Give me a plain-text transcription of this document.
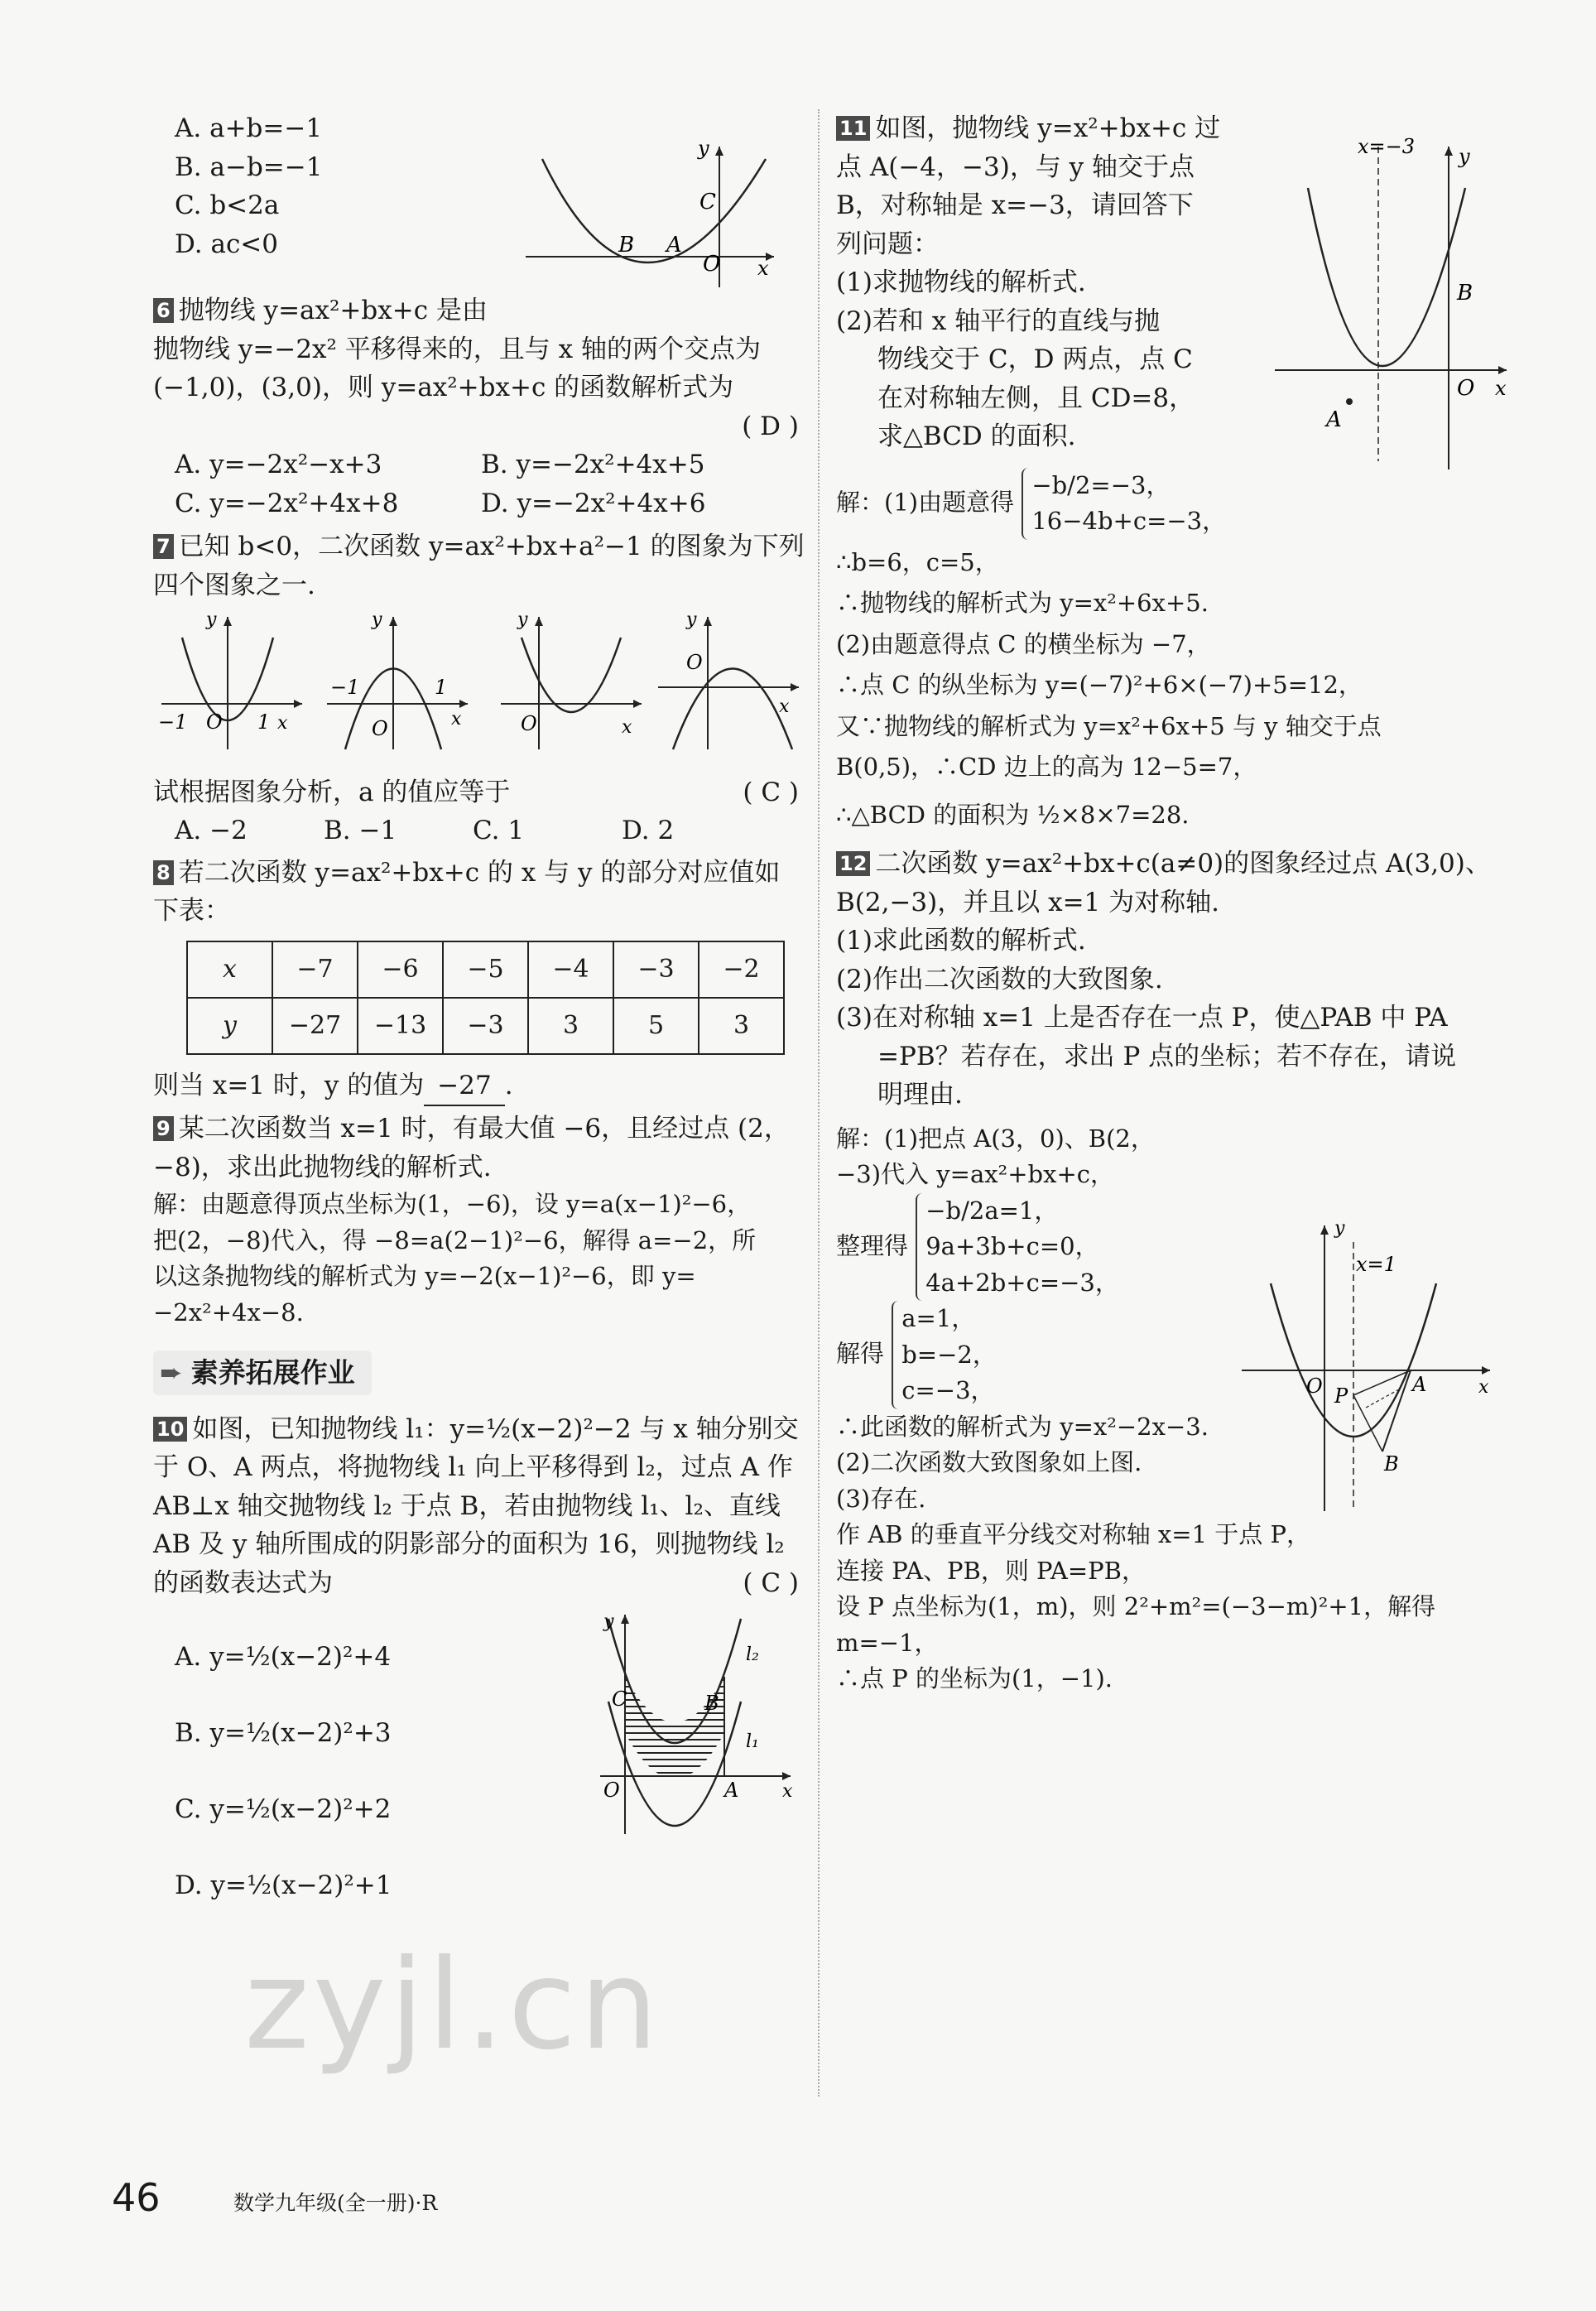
A. a+b=−1

B. a−b=−1

C. b<2a

D. ac<0

O x
y
B A
C

6 抛物线 y=ax²+bx+c 是由

抛物线 y=−2x² 平移得来的，且与 x 轴的两个交点为

(−1,0)，(3,0)，则 y=ax²+bx+c 的函数解析式为

( D )

A. y=−2x²−x+3	B. y=−2x²+4x+5

C. y=−2x²+4x+8	D. y=−2x²+4x+6

7 已知 b<0，二次函数 y=ax²+bx+a²−1 的图象为下列

四个图象之一.

−1 O 1 x
y
−1
O
1
x
y
O	x
y
O
x
y

试根据图象分析，a 的值应等于	( C )

A. −2	B. −1	C. 1	D. 2

8 若二次函数 y=ax²+bx+c 的 x 与 y 的部分对应值如

下表：

x	−7	−6	−5	−4	−3	−2
y	−27	−13	−3	3	5	3

则当 x=1 时，y 的值为 −27 .

9 某二次函数当 x=1 时，有最大值 −6，且经过点 (2，

−8)，求出此抛物线的解析式.

解：由题意得顶点坐标为(1，−6)，设 y=a(x−1)²−6，

把(2，−8)代入，得 −8=a(2−1)²−6，解得 a=−2，所

以这条抛物线的解析式为 y=−2(x−1)²−6，即 y=

−2x²+4x−8.

➨ 素养拓展作业

10 如图，已知抛物线 l₁：y=½(x−2)²−2 与 x 轴分别交

于 O、A 两点，将抛物线 l₁ 向上平移得到 l₂，过点 A 作

AB⊥x 轴交抛物线 l₂ 于点 B，若由抛物线 l₁、l₂、直线

AB 及 y 轴所围成的阴影部分的面积为 16，则抛物线 l₂

的函数表达式为	( C )

A. y=½(x−2)²+4

B. y=½(x−2)²+3

C. y=½(x−2)²+2

D. y=½(x−2)²+1

O	A
C	B
l₂
l₁
x
y

11 如图，抛物线 y=x²+bx+c 过

点 A(−4，−3)，与 y 轴交于点

B，对称轴是 x=−3，请回答下

列问题：

(1)求抛物线的解析式.

(2)若和 x 轴平行的直线与抛

物线交于 C，D 两点，点 C

在对称轴左侧，且 CD=8，

求△BCD 的面积.

x=−3 y
B
O x
A

解：(1)由题意得
−b/2=−3，
16−4b+c=−3，

∴b=6，c=5，

∴抛物线的解析式为 y=x²+6x+5.

(2)由题意得点 C 的横坐标为 −7，

∴点 C 的纵坐标为 y=(−7)²+6×(−7)+5=12，

又∵抛物线的解析式为 y=x²+6x+5 与 y 轴交于点

B(0,5)，∴CD 边上的高为 12−5=7，

∴△BCD 的面积为 ½×8×7=28.

12 二次函数 y=ax²+bx+c(a≠0)的图象经过点 A(3,0)、

B(2,−3)，并且以 x=1 为对称轴.

(1)求此函数的解析式.

(2)作出二次函数的大致图象.

(3)在对称轴 x=1 上是否存在一点 P，使△PAB 中 PA

=PB？若存在，求出 P 点的坐标；若不存在，请说

明理由.

y
x=1
O P	A
B
x

解：(1)把点 A(3，0)、B(2，

−3)代入 y=ax²+bx+c，

整理得
−b/2a=1，
9a+3b+c=0，
4a+2b+c=−3，

解得
a=1，
b=−2，
c=−3，

∴此函数的解析式为 y=x²−2x−3.

(2)二次函数大致图象如上图.

(3)存在.

作 AB 的垂直平分线交对称轴 x=1 于点 P，

连接 PA、PB，则 PA=PB，

设 P 点坐标为(1，m)，则 2²+m²=(−3−m)²+1，解得

m=−1，

∴点 P 的坐标为(1，−1).

zyjl.cn
46	数学九年级(全一册)·R
